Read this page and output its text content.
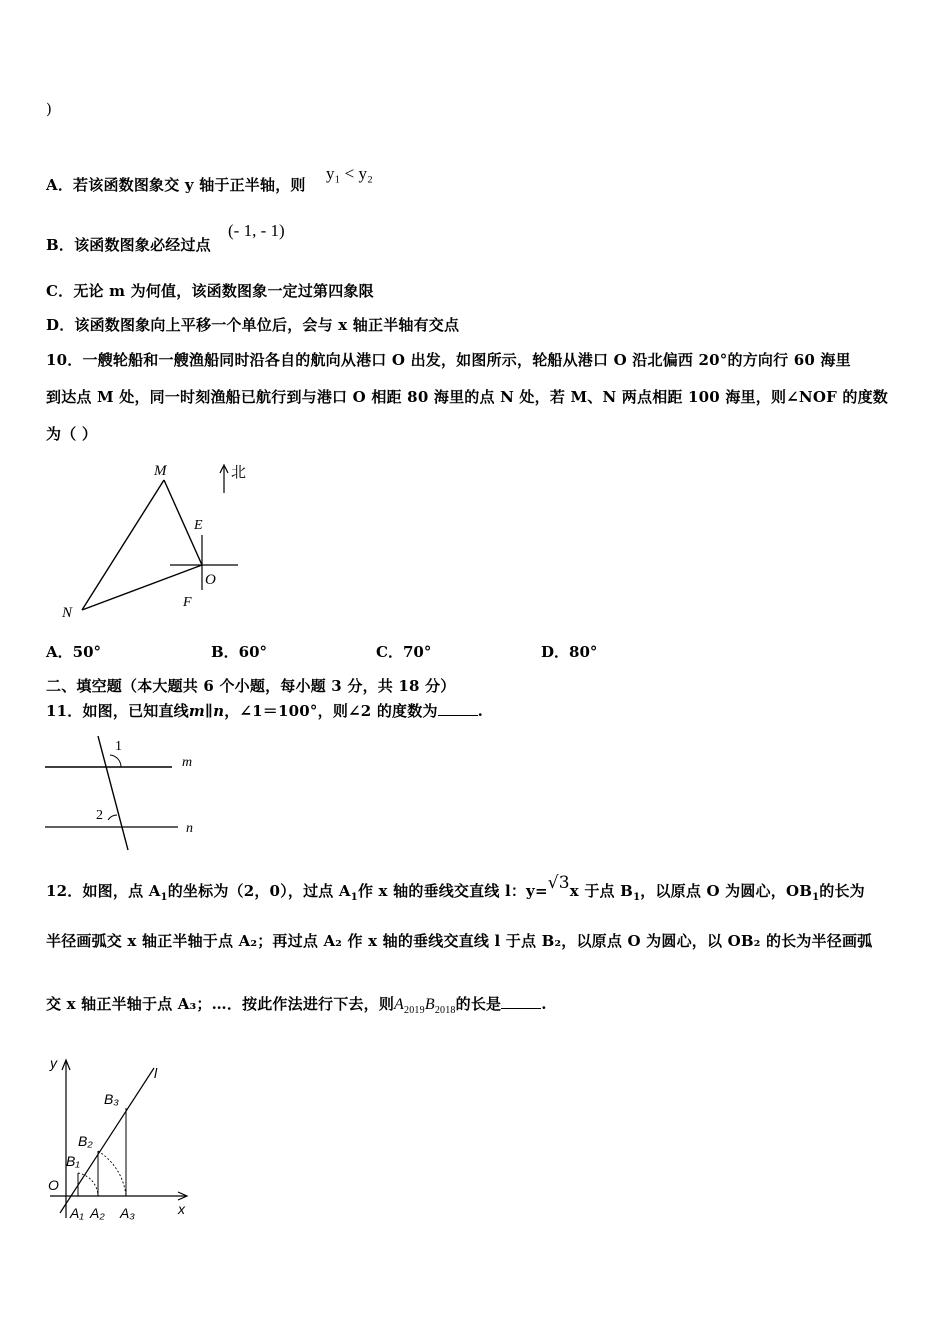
)
A．若该函数图象交 y 轴于正半轴，则
y₁ < y₂
B．该函数图象必经过点
(- 1, - 1)
C．无论 m 为何值，该函数图象一定过第四象限
D．该函数图象向上平移一个单位后，会与 x 轴正半轴有交点
10．一艘轮船和一艘渔船同时沿各自的航向从港口 O 出发，如图所示，轮船从港口 O 沿北偏西 20°的方向行 60 海里
到达点 M 处，同一时刻渔船已航行到与港口 O 相距 80 海里的点 N 处，若 M、N 两点相距 100 海里，则∠NOF 的度数
为（ ）
M
N
O
E
F
北
A．50°	B．60°	C．70°	D．80°
二、填空题（本大题共 6 个小题，每小题 3 分，共 18 分）
11．如图，已知直线m∥n，∠1＝100°，则∠2 的度数为	.
1
2
m
n
12．如图，点 $A_1$的坐标为（2，0），过点 $A_1$作 x 轴的垂线交直线 l：y=√3x 于点 $B_1$，以原点 O 为圆心，$OB_1$的长为
半径画弧交 x 轴正半轴于点 A₂；再过点 A₂ 作 x 轴的垂线交直线 l 于点 B₂，以原点 O 为圆心，以 OB₂ 的长为半径画弧
交 x 轴正半轴于点 A₃；…．按此作法进行下去，则$A_{2019}B_{2018}$的长是	.
y
x
O
l
B₃
B₂
B₁
A₁ A₂ A₃
